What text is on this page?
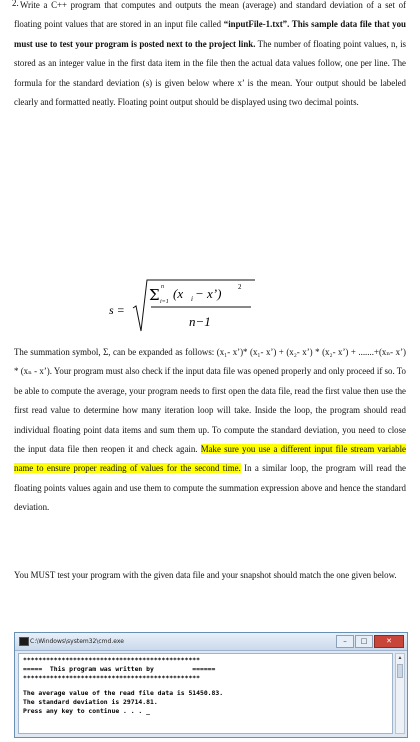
2. Write a C++ program that computes and outputs the mean (average) and standard deviation of a set of floating point values that are stored in an input file called “inputFile-1.txt”. This sample data file that you must use to test your program is posted next to the project link. The number of floating point values, n, is stored as an integer value in the first data item in the file then the actual data values follow, one per line. The formula for the standard deviation (s) is given below where x’ is the mean. Your output should be labeled clearly and formatted neatly. Floating point output should be displayed using two decimal points.

s =
Σ n
i=1
(x i − x’) 2
n−1

The summation symbol, Σ, can be expanded as follows: (x₁- x’)* (x₁- x’) + (x₂- x’) * (x₂- x’) + .......+(xₙ- x’) * (xₙ - x’). Your program must also check if the input data file was opened properly and only proceed if so. To be able to compute the average, your program needs to first open the data file, read the first value then use the first read value to determine how many iteration loop will take. Inside the loop, the program should read individual floating point data items and sum them up. To compute the standard deviation, you need to close the input data file then reopen it and check again. Make sure you use a different input file stream variable name to ensure proper reading of values for the second time. In a similar loop, the program will read the floating points values again and use them to compute the summation expression above and hence the standard deviation.

You MUST test your program with the given data file and your snapshot should match the one given below.

C:\Windows\system32\cmd.exe	–	□	✕
**********************************************
=====  This program was written by          ======
**********************************************
The average value of the read file data is 51450.83.
The standard deviation is 29714.81.
Press any key to continue . . . _
▲
